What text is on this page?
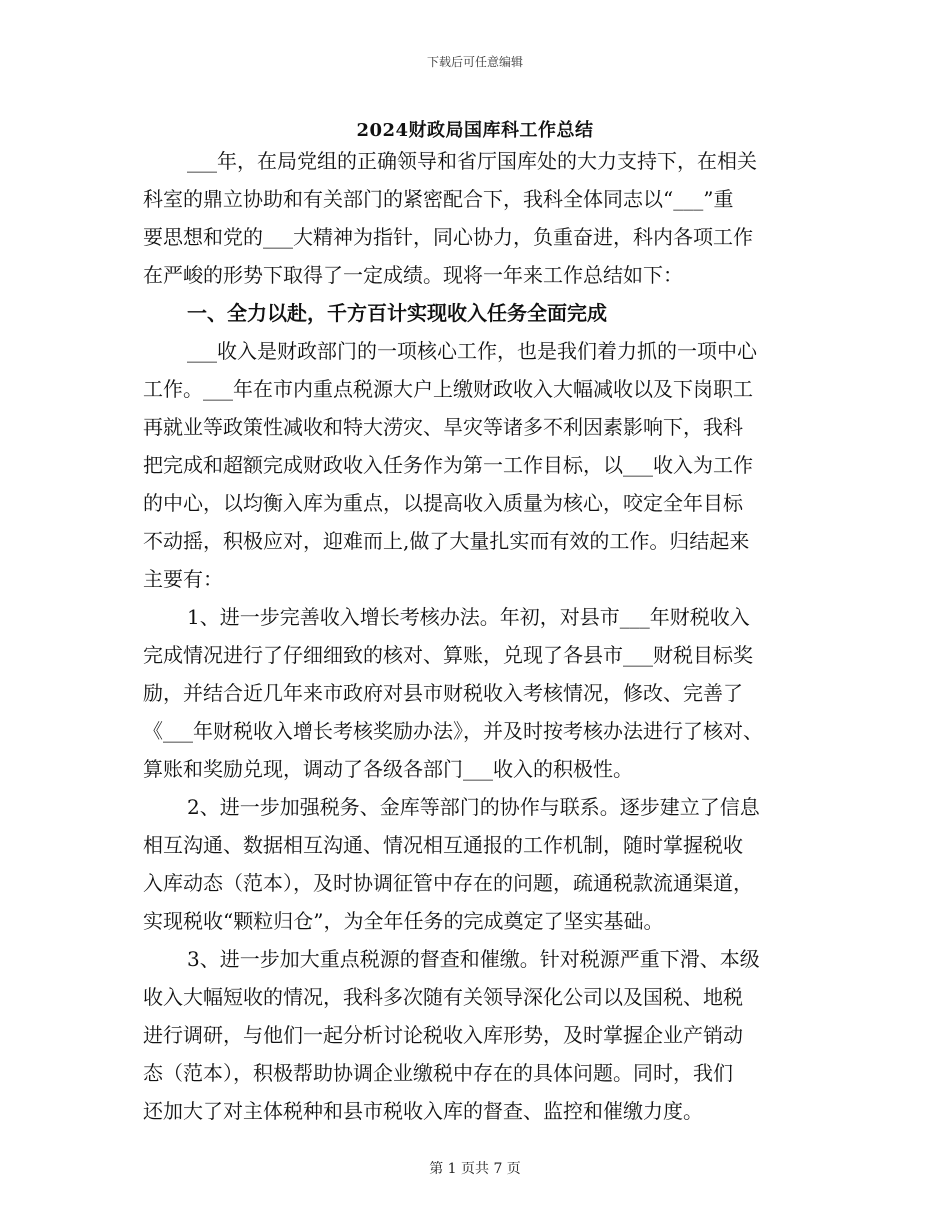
下载后可任意编辑
2024财政局国库科工作总结
___年，在局党组的正确领导和省厅国库处的大力支持下，在相关
科室的鼎立协助和有关部门的紧密配合下，我科全体同志以“___”重
要思想和党的___大精神为指针，同心协力，负重奋进，科内各项工作
在严峻的形势下取得了一定成绩。现将一年来工作总结如下：
一、全力以赴，千方百计实现收入任务全面完成
___收入是财政部门的一项核心工作，也是我们着力抓的一项中心
工作。___年在市内重点税源大户上缴财政收入大幅减收以及下岗职工
再就业等政策性减收和特大涝灾、旱灾等诸多不利因素影响下，我科
把完成和超额完成财政收入任务作为第一工作目标，以___收入为工作
的中心，以均衡入库为重点，以提高收入质量为核心，咬定全年目标
不动摇，积极应对，迎难而上,做了大量扎实而有效的工作。归结起来
主要有：
1、进一步完善收入增长考核办法。年初，对县市___年财税收入
完成情况进行了仔细细致的核对、算账，兑现了各县市___财税目标奖
励，并结合近几年来市政府对县市财税收入考核情况，修改、完善了
《___年财税收入增长考核奖励办法》，并及时按考核办法进行了核对、
算账和奖励兑现，调动了各级各部门___收入的积极性。
2、进一步加强税务、金库等部门的协作与联系。逐步建立了信息
相互沟通、数据相互沟通、情况相互通报的工作机制，随时掌握税收
入库动态（范本），及时协调征管中存在的问题，疏通税款流通渠道，
实现税收“颗粒归仓”，为全年任务的完成奠定了坚实基础。
3、进一步加大重点税源的督查和催缴。针对税源严重下滑、本级
收入大幅短收的情况，我科多次随有关领导深化公司以及国税、地税
进行调研，与他们一起分析讨论税收入库形势，及时掌握企业产销动
态（范本），积极帮助协调企业缴税中存在的具体问题。同时，我们
还加大了对主体税种和县市税收入库的督查、监控和催缴力度。
第 1 页共 7 页
